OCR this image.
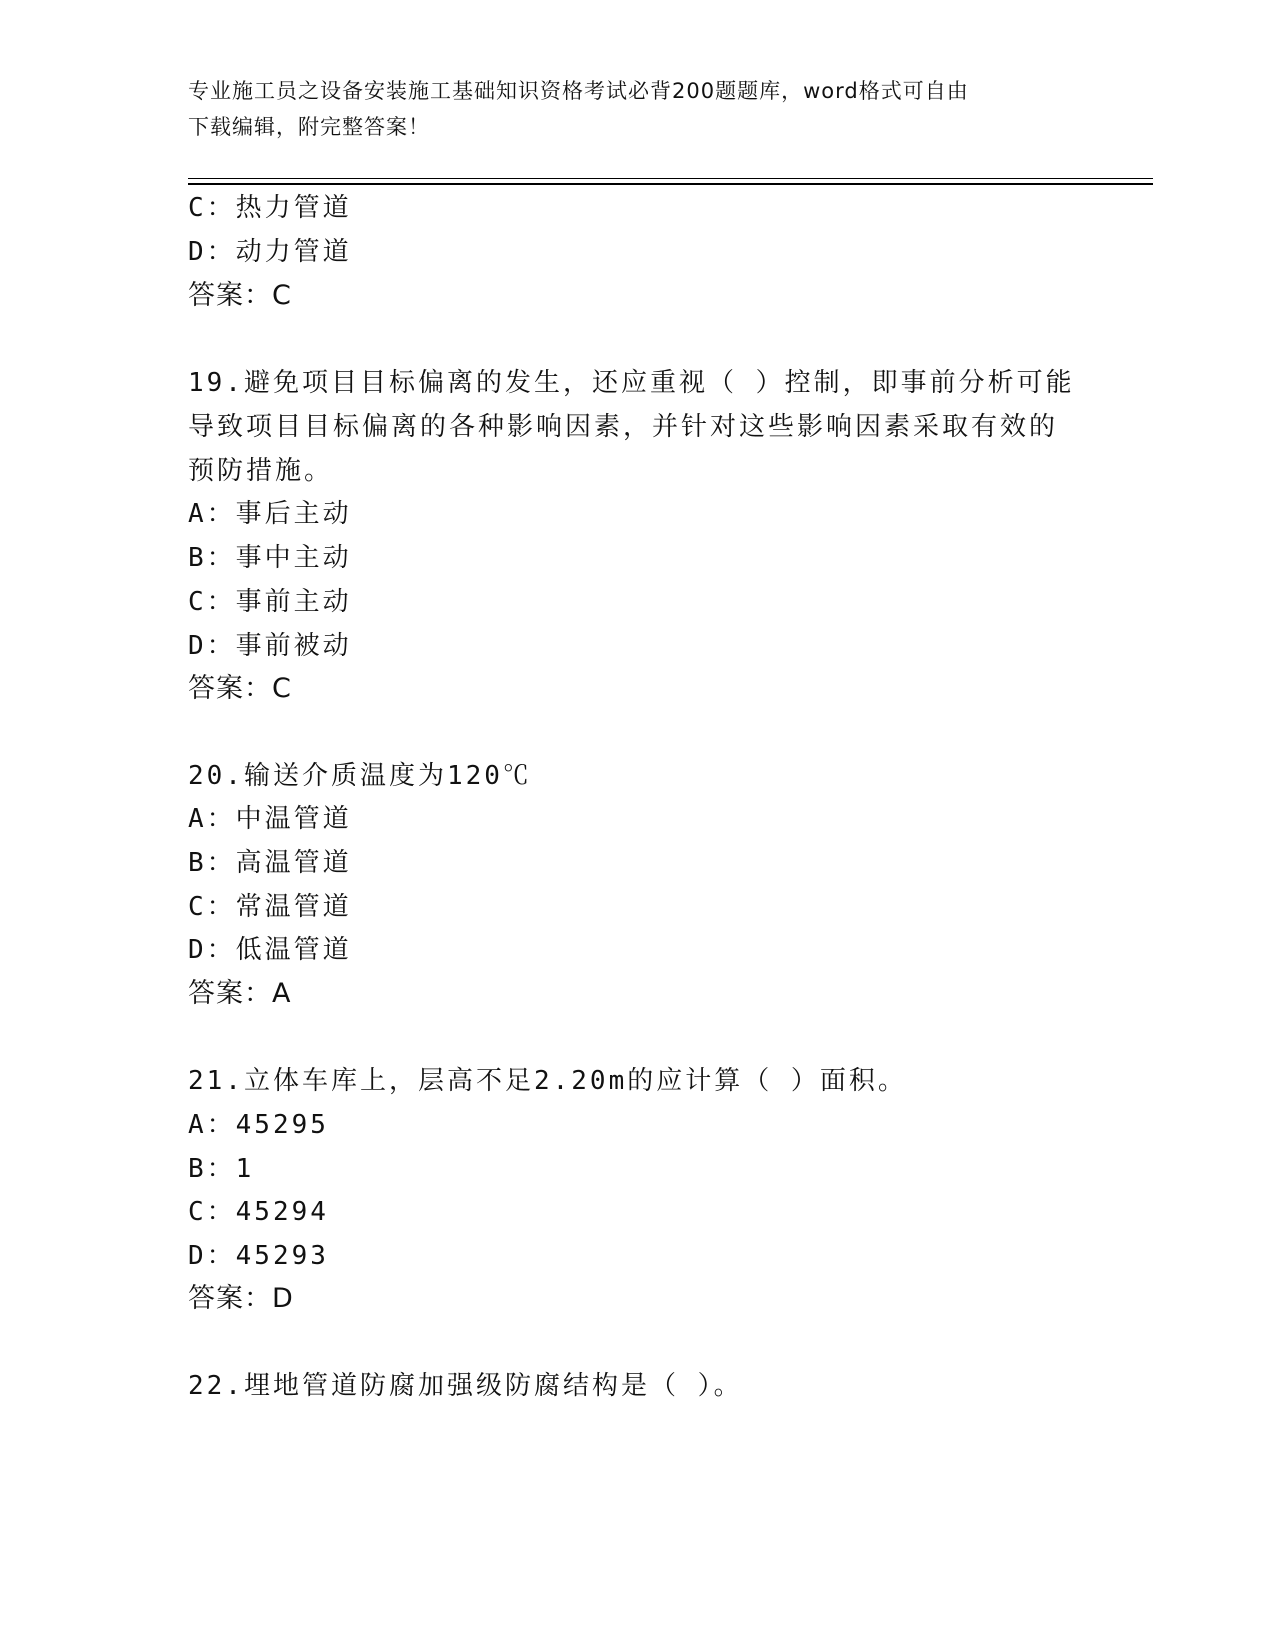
专业施工员之设备安装施工基础知识资格考试必背200题题库，word格式可自由
下载编辑，附完整答案！
C：热力管道
D：动力管道
答案：C
19.避免项目目标偏离的发生，还应重视（ ）控制，即事前分析可能
导致项目目标偏离的各种影响因素，并针对这些影响因素采取有效的
预防措施。
A：事后主动
B：事中主动
C：事前主动
D：事前被动
答案：C
20.输送介质温度为120℃
A：中温管道
B：高温管道
C：常温管道
D：低温管道
答案：A
21.立体车库上，层高不足2.20m的应计算（ ）面积。
A：45295
B：1
C：45294
D：45293
答案：D
22.埋地管道防腐加强级防腐结构是（ ）。
